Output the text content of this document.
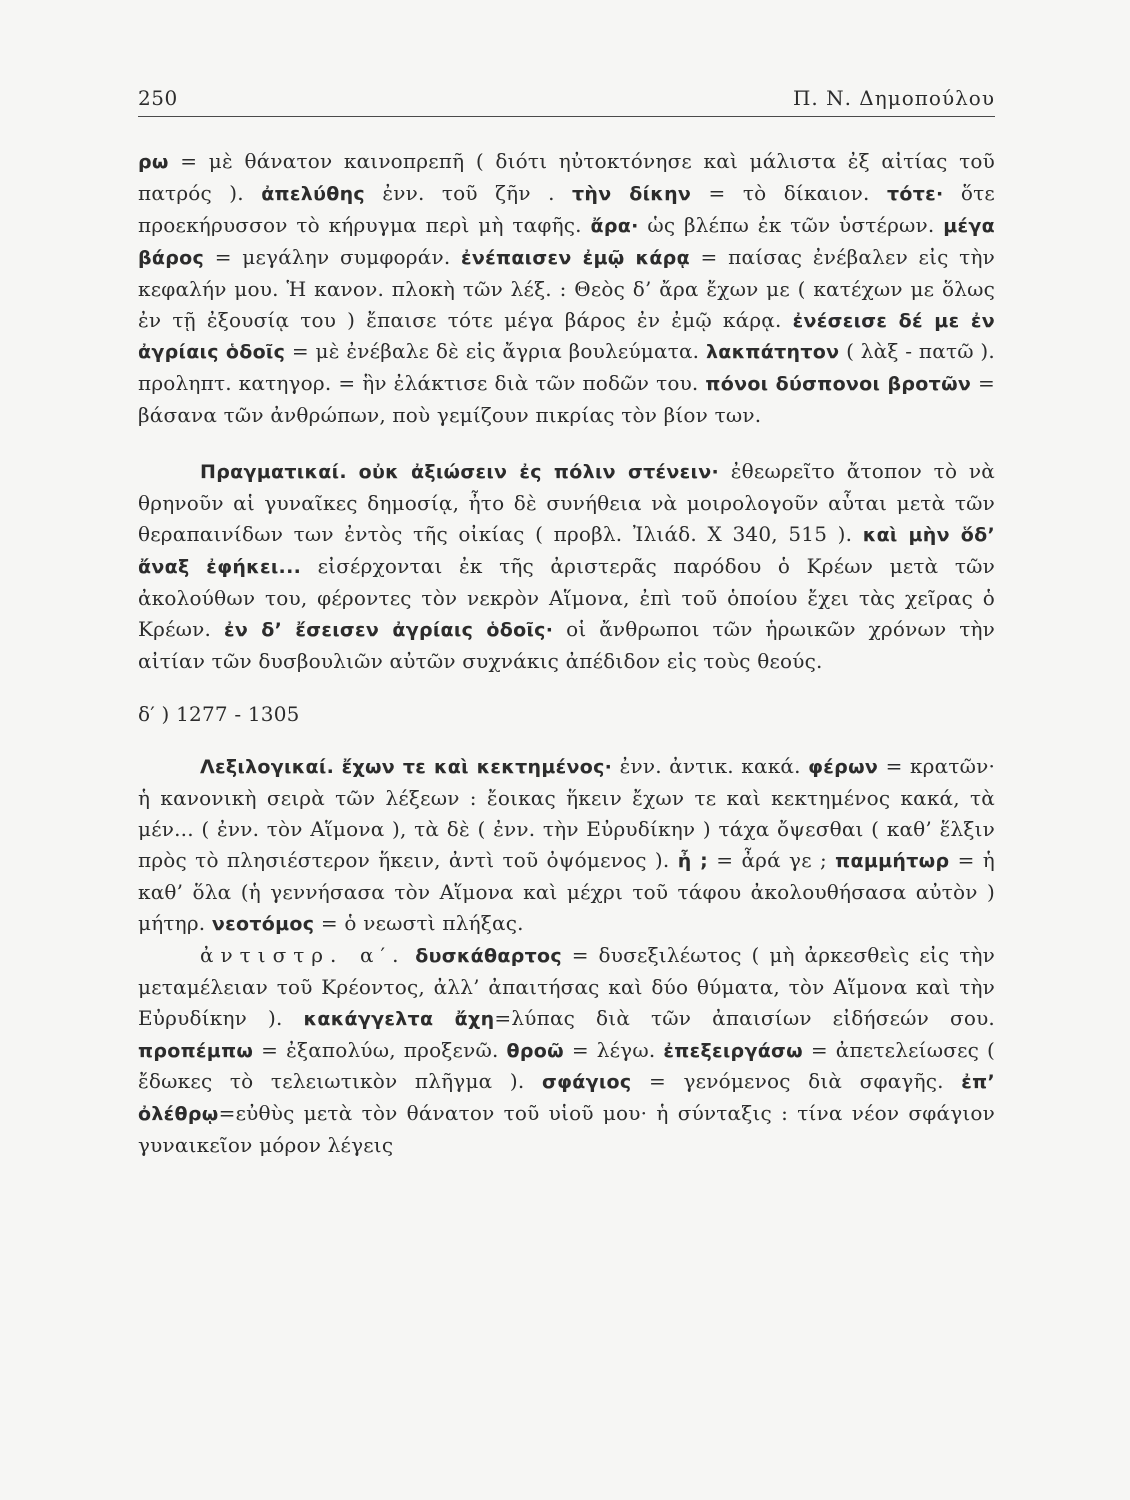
250	Π. Ν. Δημοπούλου

ρω = μὲ θάνατον καινοπρεπῆ ( διότι ηὐτοκτόνησε καὶ μάλιστα ἐξ αἰτίας τοῦ πατρός ). ἀπελύθης ἐνν. τοῦ ζῆν . τὴν δίκην = τὸ δίκαιον. τότε· ὅτε προεκήρυσσον τὸ κήρυγμα περὶ μὴ ταφῆς. ἄρα· ὡς βλέπω ἐκ τῶν ὑστέρων. μέγα βάρος = μεγάλην συμφοράν. ἐνέπαισεν ἐμῷ κάρᾳ = παίσας ἐνέβαλεν εἰς τὴν κεφαλήν μου. Ἡ κανον. πλοκὴ τῶν λέξ. : Θεὸς δ’ ἄρα ἔχων με ( κατέχων με ὅλως ἐν τῇ ἐξουσίᾳ του ) ἔπαισε τότε μέγα βάρος ἐν ἐμῷ κάρᾳ. ἐνέσεισε δέ με ἐν ἀγρίαις ὁδοῖς = μὲ ἐνέβαλε δὲ εἰς ἄγρια βουλεύματα. λακπάτητον ( λὰξ - πατῶ ). προληπτ. κατηγορ. = ἣν ἐλάκτισε διὰ τῶν ποδῶν του. πόνοι δύσπονοι βροτῶν = βάσανα τῶν ἀνθρώπων, ποὺ γεμίζουν πικρίας τὸν βίον των.

Πραγματικαί. οὐκ ἀξιώσειν ἐς πόλιν στένειν· ἐθεωρεῖτο ἄτοπον τὸ νὰ θρηνοῦν αἱ γυναῖκες δημοσίᾳ, ἦτο δὲ συνήθεια νὰ μοιρολογοῦν αὗται μετὰ τῶν θεραπαινίδων των ἐντὸς τῆς οἰκίας ( προβλ. Ἰλιάδ. Χ 340, 515 ). καὶ μὴν ὅδ’ ἄναξ ἐφήκει... εἰσέρχονται ἐκ τῆς ἀριστερᾶς παρόδου ὁ Κρέων μετὰ τῶν ἀκολούθων του, φέροντες τὸν νεκρὸν Αἵμονα, ἐπὶ τοῦ ὁποίου ἔχει τὰς χεῖρας ὁ Κρέων. ἐν δ’ ἔσεισεν ἀγρίαις ὁδοῖς· οἱ ἄνθρωποι τῶν ἡρωικῶν χρόνων τὴν αἰτίαν τῶν δυσβουλιῶν αὐτῶν συχνάκις ἀπέδιδον εἰς τοὺς θεούς.

δ′ ) 1277 - 1305

Λεξιλογικαί. ἔχων τε καὶ κεκτημένος· ἐνν. ἀντικ. κακά. φέρων = κρατῶν· ἡ κανονικὴ σειρὰ τῶν λέξεων : ἔοικας ἥκειν ἔχων τε καὶ κεκτημένος κακά, τὰ μέν... ( ἐνν. τὸν Αἵμονα ), τὰ δὲ ( ἐνν. τὴν Εὐρυδίκην ) τάχα ὄψεσθαι ( καθ’ ἕλξιν πρὸς τὸ πλησιέστερον ἥκειν, ἀντὶ τοῦ ὀψόμενος ). ἦ ; = ἆρά γε ; παμμήτωρ = ἡ καθ’ ὅλα (ἡ γεννήσασα τὸν Αἵμονα καὶ μέχρι τοῦ τάφου ἀκολουθήσασα αὐτὸν ) μήτηρ. νεοτόμος = ὁ νεωστὶ πλήξας.

ἀντιστρ. α′. δυσκάθαρτος = δυσεξιλέωτος ( μὴ ἀρκεσθεὶς εἰς τὴν μεταμέλειαν τοῦ Κρέοντος, ἀλλ’ ἀπαιτήσας καὶ δύο θύματα, τὸν Αἵμονα καὶ τὴν Εὐρυδίκην ). κακάγγελτα ἄχη=λύπας διὰ τῶν ἀπαισίων εἰδήσεών σου. προπέμπω = ἐξαπολύω, προξενῶ. θροῶ = λέγω. ἐπεξειργάσω = ἀπετελείωσες ( ἔδωκες τὸ τελειωτικὸν πλῆγμα ). σφάγιος = γενόμενος διὰ σφαγῆς. ἐπ’ ὀλέθρῳ=εὐθὺς μετὰ τὸν θάνατον τοῦ υἱοῦ μου· ἡ σύνταξις : τίνα νέον σφάγιον γυναικεῖον μόρον λέγεις
